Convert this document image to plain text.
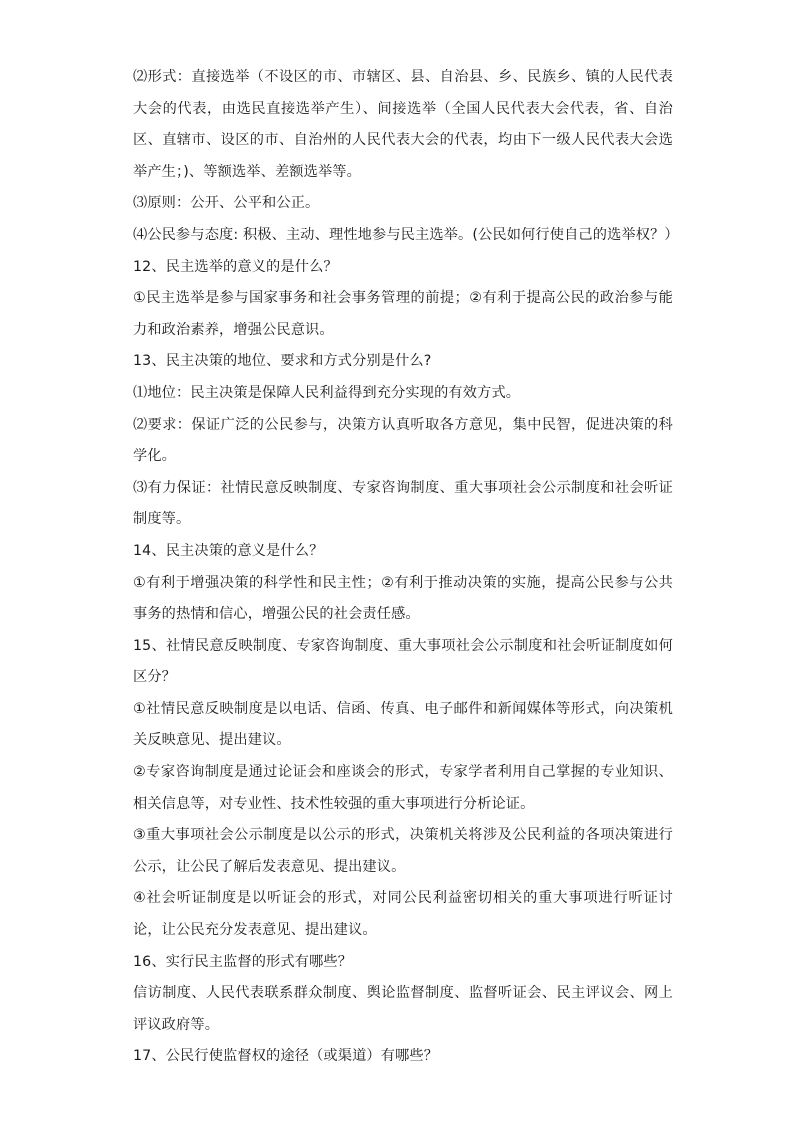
⑵形式：直接选举（不设区的市、市辖区、县、自治县、乡、民族乡、镇的人民代表大会的代表，由选民直接选举产生）、间接选举（全国人民代表大会代表，省、自治区、直辖市、设区的市、自治州的人民代表大会的代表，均由下一级人民代表大会选举产生；)、等额选举、差额选举等。

⑶原则：公开、公平和公正。

⑷公民参与态度: 积极、主动、理性地参与民主选举。(公民如何行使自己的选举权？）

12、民主选举的意义的是什么？

①民主选举是参与国家事务和社会事务管理的前提；②有利于提高公民的政治参与能力和政治素养，增强公民意识。

13、民主决策的地位、要求和方式分别是什么?

⑴地位：民主决策是保障人民利益得到充分实现的有效方式。

⑵要求：保证广泛的公民参与，决策方认真听取各方意见，集中民智，促进决策的科学化。

⑶有力保证：社情民意反映制度、专家咨询制度、重大事项社会公示制度和社会听证制度等。

14、民主决策的意义是什么？

①有利于增强决策的科学性和民主性；②有利于推动决策的实施，提高公民参与公共事务的热情和信心，增强公民的社会责任感。

15、社情民意反映制度、专家咨询制度、重大事项社会公示制度和社会听证制度如何区分？

①社情民意反映制度是以电话、信函、传真、电子邮件和新闻媒体等形式，向决策机关反映意见、提出建议。

②专家咨询制度是通过论证会和座谈会的形式，专家学者利用自己掌握的专业知识、相关信息等，对专业性、技术性较强的重大事项进行分析论证。

③重大事项社会公示制度是以公示的形式，决策机关将涉及公民利益的各项决策进行公示，让公民了解后发表意见、提出建议。

④社会听证制度是以听证会的形式，对同公民利益密切相关的重大事项进行听证讨论，让公民充分发表意见、提出建议。

16、实行民主监督的形式有哪些？

信访制度、人民代表联系群众制度、舆论监督制度、监督听证会、民主评议会、网上评议政府等。

17、公民行使监督权的途径（或渠道）有哪些？
